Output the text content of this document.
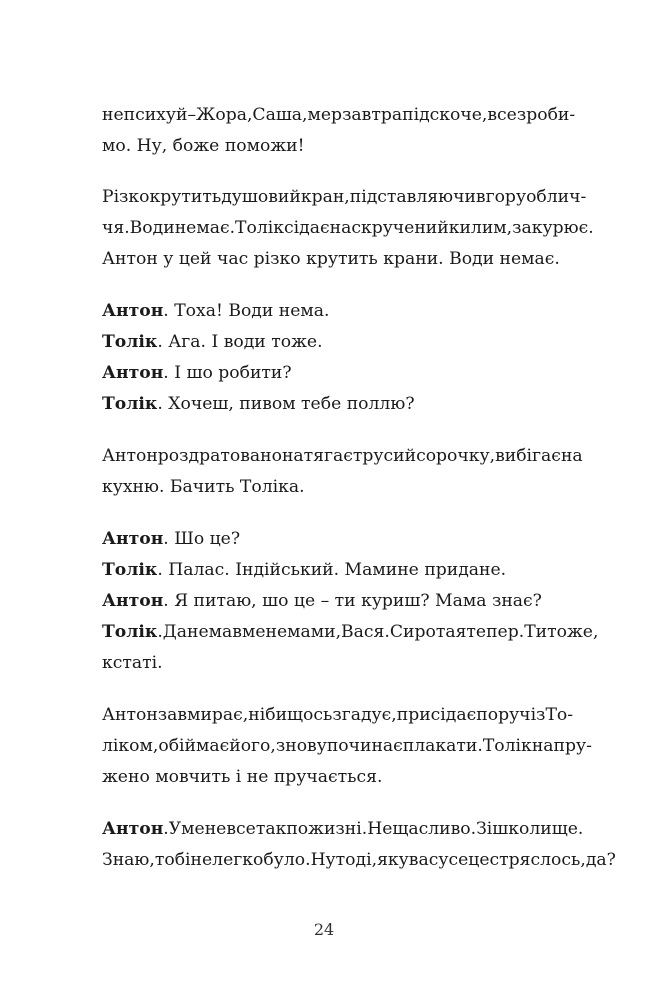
не психуй – Жора, Саша, мер завтра підскоче, все зроби-
мо. Ну, боже поможи!
Різко крутить душовий кран, підставляючи вгору облич-
чя. Води немає. Толік сідає на скручений килим, закурює.
Антон у цей час різко крутить крани. Води немає.
Антон. Тоха! Води нема.
Толік. Ага. І води тоже.
Антон. І шо робити?
Толік. Хочеш, пивом тебе поллю?
Антон роздратовано натягає труси й сорочку, вибігає на
кухню. Бачить Толіка.
Антон. Шо це?
Толік. Палас. Індійський. Мамине придане.
Антон. Я питаю, шо це – ти куриш? Мама знає?
Толік. Да нема в мене мами, Вася. Сирота я тепер. Ти тоже,
кстаті.
Антон завмирає, ніби щось згадує, присідає поруч із То-
ліком, обіймає його, знову починає плакати. Толік напру-
жено мовчить і не пручається.
Антон. У мене все так по жизні. Нещасливо. Зі школи ще.
Знаю, тобі нелегко було. Ну тоді, як у вас усе це стряслось, да?
24
